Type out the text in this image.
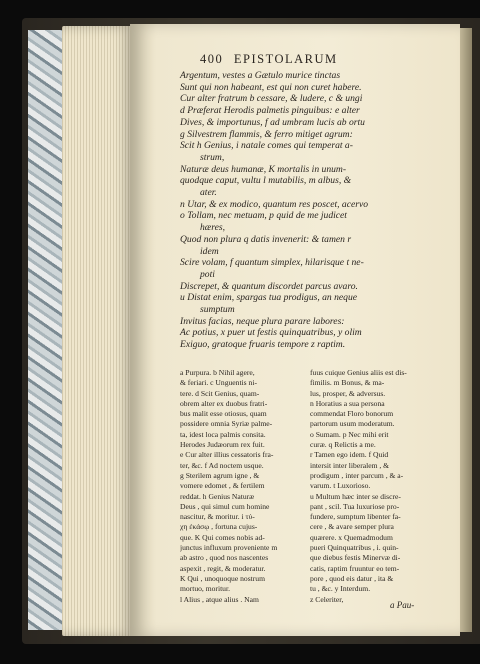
400 EPISTOLARUM
Argentum, vestes a Gætulo murice tinctas
Sunt qui non habeant, est qui non curet habere.
Cur alter fratrum b cessare, & ludere, c & ungi
d Præferat Herodis palmetis pinguibus: e alter
Dives, & importunus, f ad umbram lucis ab ortu
g Silvestrem flammis, & ferro mitiget agrum:
Scit h Genius, i natale comes qui temperat a-
strum,
Naturæ deus humanæ, K mortalis in unum-
quodque caput, vultu l mutabilis, m albus, &
ater.
n Utar, & ex modico, quantum res poscet, acervo
o Tollam, nec metuam, p quid de me judicet
hæres,
Quod non plura q datis invenerit: & tamen r
idem
Scire volam, f quantum simplex, hilarisque t ne-
poti
Discrepet, & quantum discordet parcus avaro.
u Distat enim, spargas tua prodigus, an neque
sumptum
Invitus facias, neque plura parare labores:
Ac potius, x puer ut festis quinquatribus, y olim
Exiguo, gratoque fruaris tempore z raptim.
a Purpura. b Nihil agere,
& feriari. c Unguentis ni-
tere. d Scit Genius, quam-
obrem alter ex duobus fratri-
bus malit esse otiosus, quam
possidere omnia Syriæ palme-
ta, idest loca palmis consita.
Herodes Judæorum rex fuit.
e Cur alter illius cessatoris fra-
ter, &c. f Ad noctem usque.
g Sterilem agrum igne , &
vomere edomet , & fertilem
reddat. h Genius Naturæ
Deus , qui simul cum homine
nascitur, & moritur. i τύ-
χη ἐκάσῳ , fortuna cujus-
que. K Qui comes nobis ad-
junctus influxum proveniente m
ab astro , quod nos nascentes
aspexit , regit, & moderatur.
K Qui , unoquoque nostrum
mortuo, moritur.
l Alius , atque alius . Nam
fuus cuique Genius aliis est dis-
fimilis. m Bonus, & ma-
lus, prosper, & adversus.
n Horatius a sua persona
commendat Floro bonorum
partorum usum moderatum.
o Sumam. p Nec mihi erit
curæ. q Relictis a me.
r Tamen ego idem. f Quid
intersit inter liberalem , &
prodigum , inter parcum , & a-
varum. t Luxorioso.
u Multum hæc inter se discre-
pant , scil. Tua luxuriose pro-
fundere, sumptum libenter fa-
cere , & avare semper plura
quærere. x Quemadmodum
pueri Quinquatribus , i. quin-
que diebus festis Minervæ di-
catis, raptim fruuntur eo tem-
pore , quod eis datur , ita &
tu , &c. y Interdum.
z Celeriter,
a Pau-
